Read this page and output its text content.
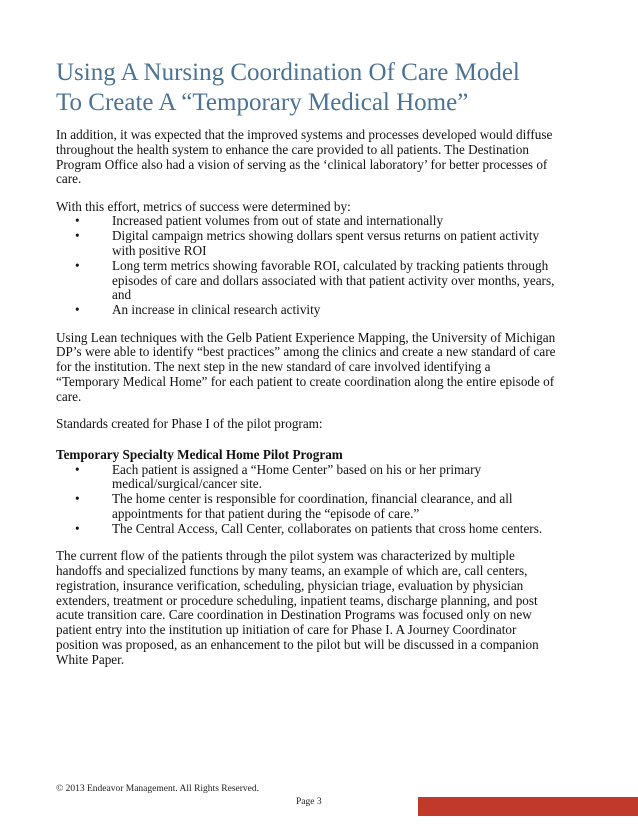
Using A Nursing Coordination Of Care Model
To Create A “Temporary Medical Home”
In addition, it was expected that the improved systems and processes developed would diffuse
throughout the health system to enhance the care provided to all patients. The Destination
Program Office also had a vision of serving as the ‘clinical laboratory’ for better processes of
care.
With this effort, metrics of success were determined by:
• Increased patient volumes from out of state and internationally
• Digital campaign metrics showing dollars spent versus returns on patient activity
with positive ROI
• Long term metrics showing favorable ROI, calculated by tracking patients through
episodes of care and dollars associated with that patient activity over months, years,
and
• An increase in clinical research activity
Using Lean techniques with the Gelb Patient Experience Mapping, the University of Michigan
DP’s were able to identify “best practices” among the clinics and create a new standard of care
for the institution. The next step in the new standard of care involved identifying a
“Temporary Medical Home” for each patient to create coordination along the entire episode of
care.
Standards created for Phase I of the pilot program:
Temporary Specialty Medical Home Pilot Program
• Each patient is assigned a “Home Center” based on his or her primary
medical/surgical/cancer site.
• The home center is responsible for coordination, financial clearance, and all
appointments for that patient during the “episode of care.”
• The Central Access, Call Center, collaborates on patients that cross home centers.
The current flow of the patients through the pilot system was characterized by multiple
handoffs and specialized functions by many teams, an example of which are, call centers,
registration, insurance verification, scheduling, physician triage, evaluation by physician
extenders, treatment or procedure scheduling, inpatient teams, discharge planning, and post
acute transition care. Care coordination in Destination Programs was focused only on new
patient entry into the institution up initiation of care for Phase I. A Journey Coordinator
position was proposed, as an enhancement to the pilot but will be discussed in a companion
White Paper.
© 2013 Endeavor Management. All Rights Reserved.
Page 3
